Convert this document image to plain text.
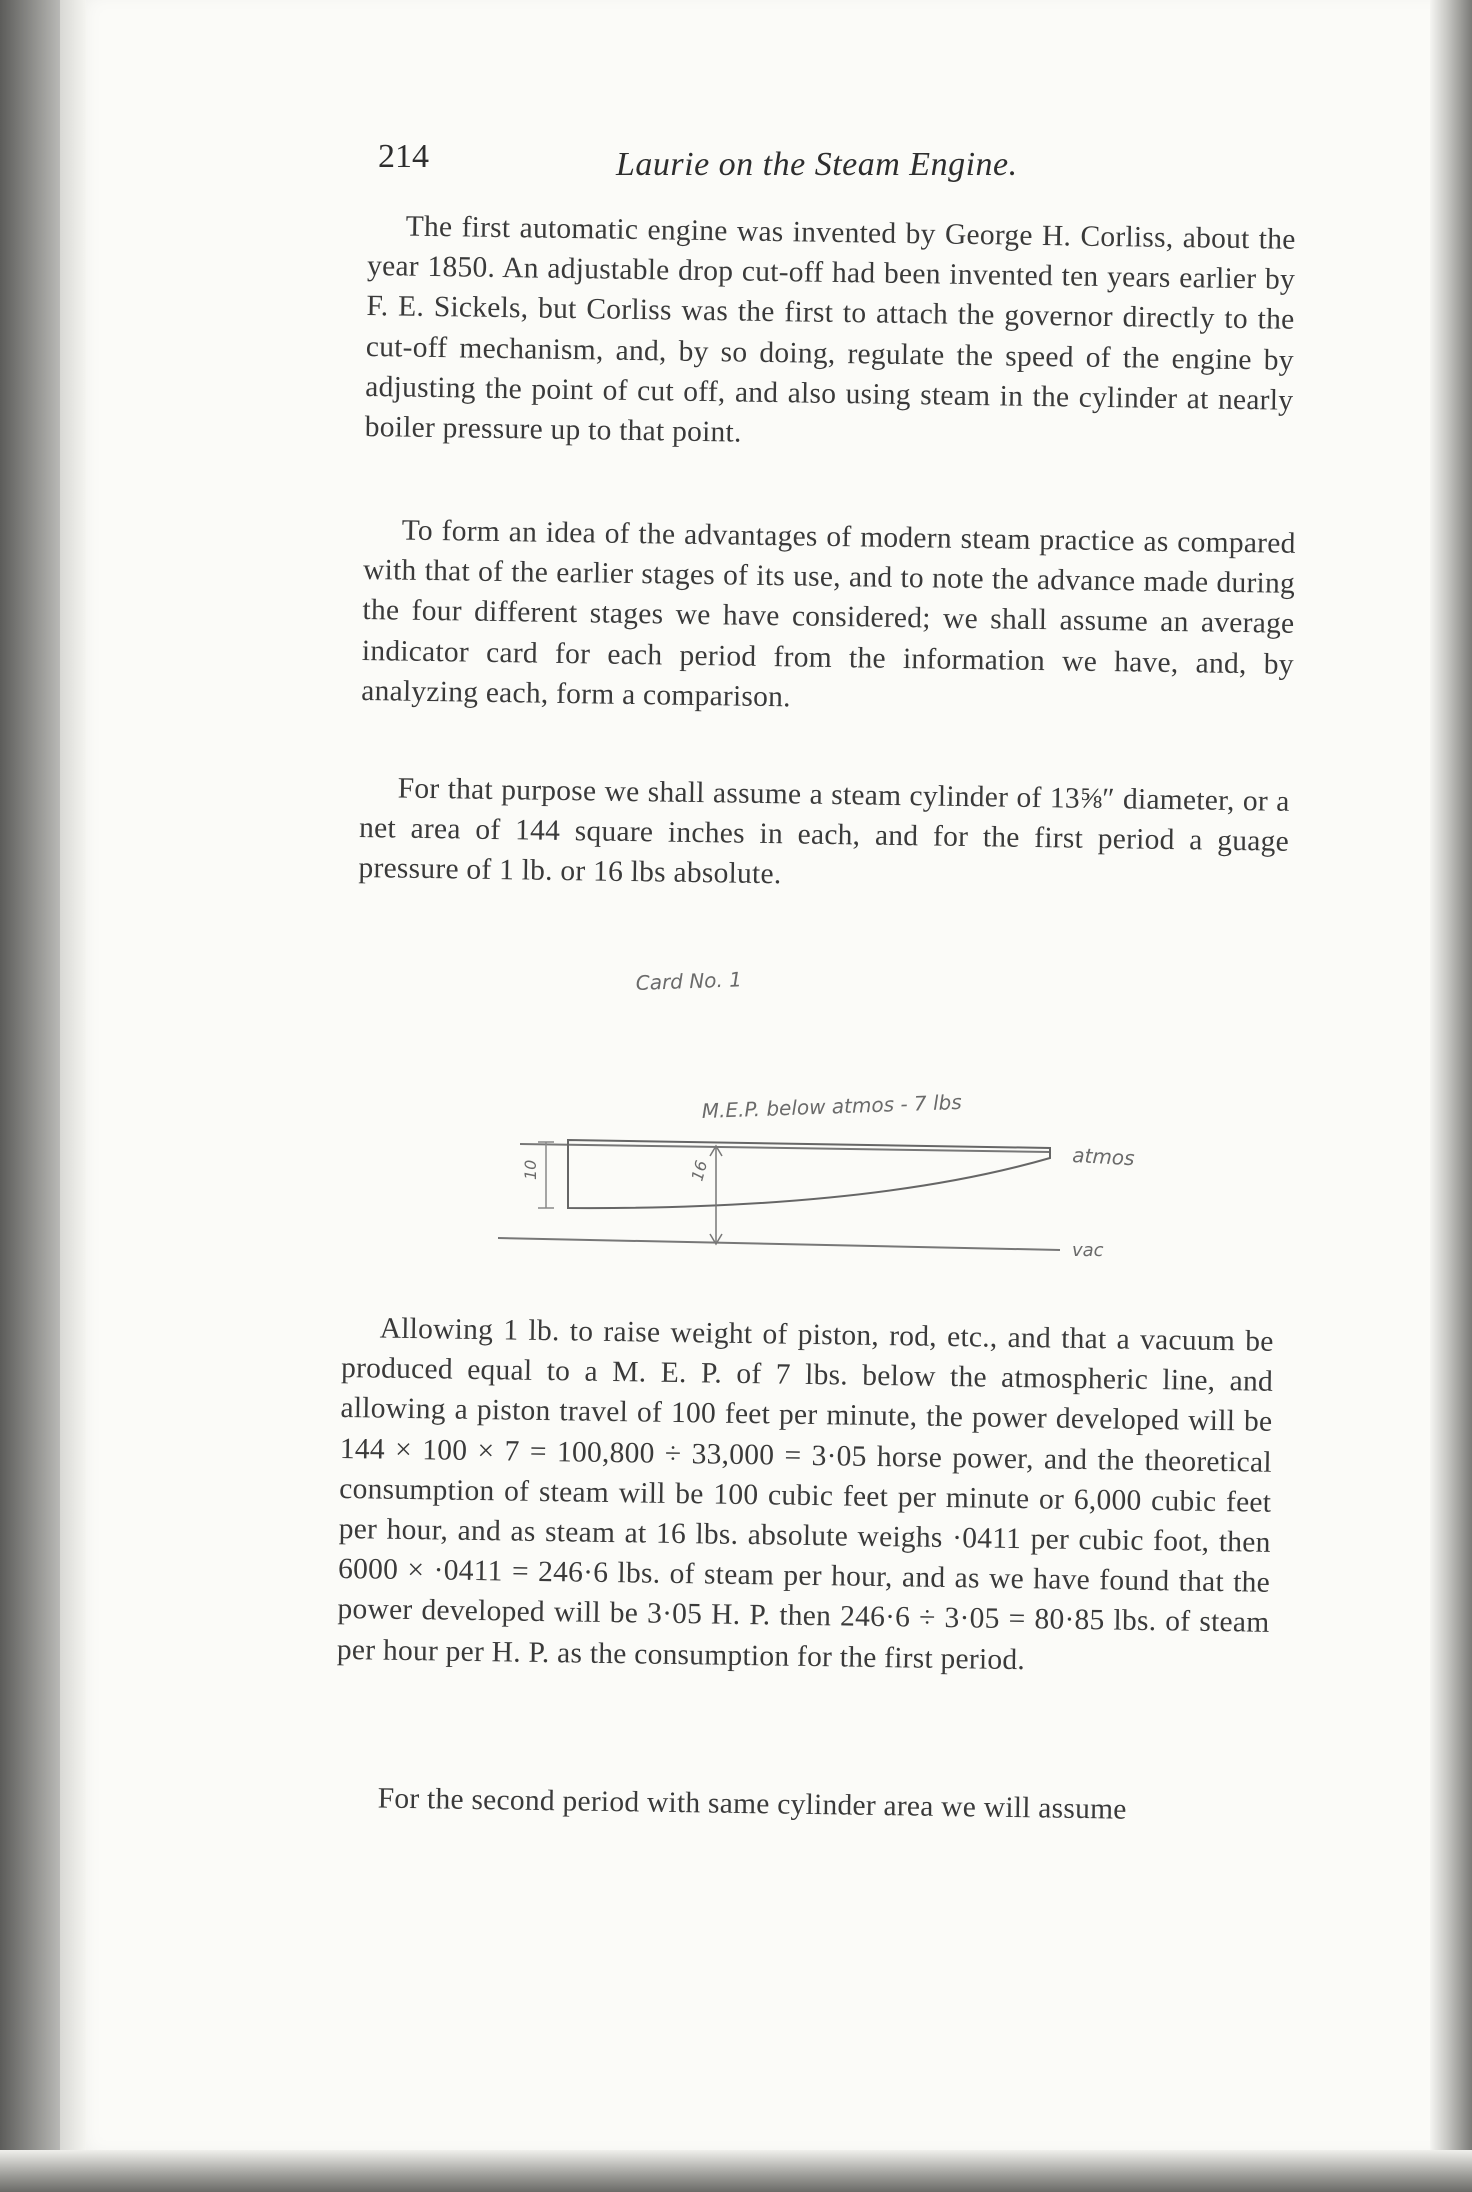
214	Laurie on the Steam Engine.

The first automatic engine was invented by George H. Corliss, about the year 1850. An adjustable drop cut-off had been invented ten years earlier by F. E. Sickels, but Corliss was the first to attach the governor directly to the cut-off mechanism, and, by so doing, regulate the speed of the engine by adjusting the point of cut off, and also using steam in the cylinder at nearly boiler pressure up to that point.

To form an idea of the advantages of modern steam practice as compared with that of the earlier stages of its use, and to note the advance made during the four different stages we have considered; we shall assume an average indicator card for each period from the information we have, and, by analyzing each, form a comparison.

For that purpose we shall assume a steam cylinder of 13⅝″ diameter, or a net area of 144 square inches in each, and for the first period a guage pressure of 1 lb. or 16 lbs absolute.

Card No. 1
M.E.P. below atmos - 7 lbs
atmos
vac
10	16

Allowing 1 lb. to raise weight of piston, rod, etc., and that a vacuum be produced equal to a M. E. P. of 7 lbs. below the atmospheric line, and allowing a piston travel of 100 feet per minute, the power developed will be 144 × 100 × 7 = 100,800 ÷ 33,000 = 3·05 horse power, and the theoretical consumption of steam will be 100 cubic feet per minute or 6,000 cubic feet per hour, and as steam at 16 lbs. absolute weighs ·0411 per cubic foot, then 6000 × ·0411 = 246·6 lbs. of steam per hour, and as we have found that the power developed will be 3·05 H. P. then 246·6 ÷ 3·05 = 80·85 lbs. of steam per hour per H. P. as the consumption for the first period.

For the second period with same cylinder area we will assume
